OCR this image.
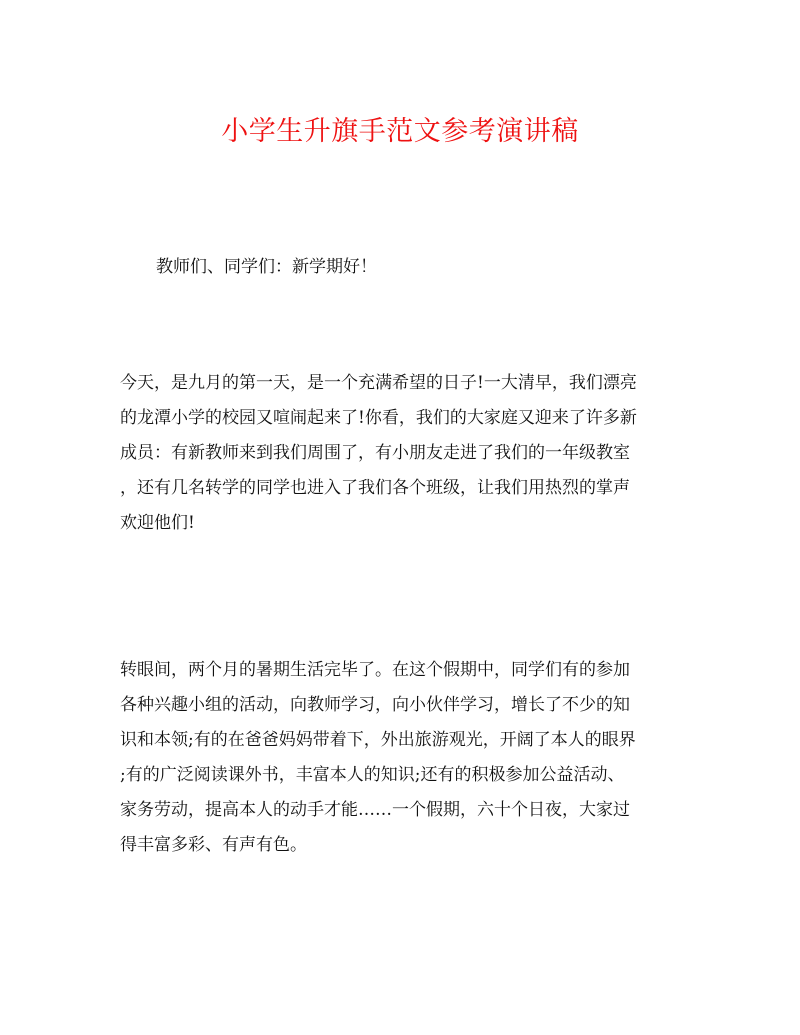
小学生升旗手范文参考演讲稿
教师们、同学们：新学期好！
今天，是九月的第一天，是一个充满希望的日子!一大清早，我们漂亮
的龙潭小学的校园又喧闹起来了!你看，我们的大家庭又迎来了许多新
成员：有新教师来到我们周围了，有小朋友走进了我们的一年级教室
，还有几名转学的同学也进入了我们各个班级，让我们用热烈的掌声
欢迎他们!
转眼间，两个月的暑期生活完毕了。在这个假期中，同学们有的参加
各种兴趣小组的活动，向教师学习，向小伙伴学习，增长了不少的知
识和本领;有的在爸爸妈妈带着下，外出旅游观光，开阔了本人的眼界
;有的广泛阅读课外书，丰富本人的知识;还有的积极参加公益活动、
家务劳动，提高本人的动手才能……一个假期，六十个日夜，大家过
得丰富多彩、有声有色。
